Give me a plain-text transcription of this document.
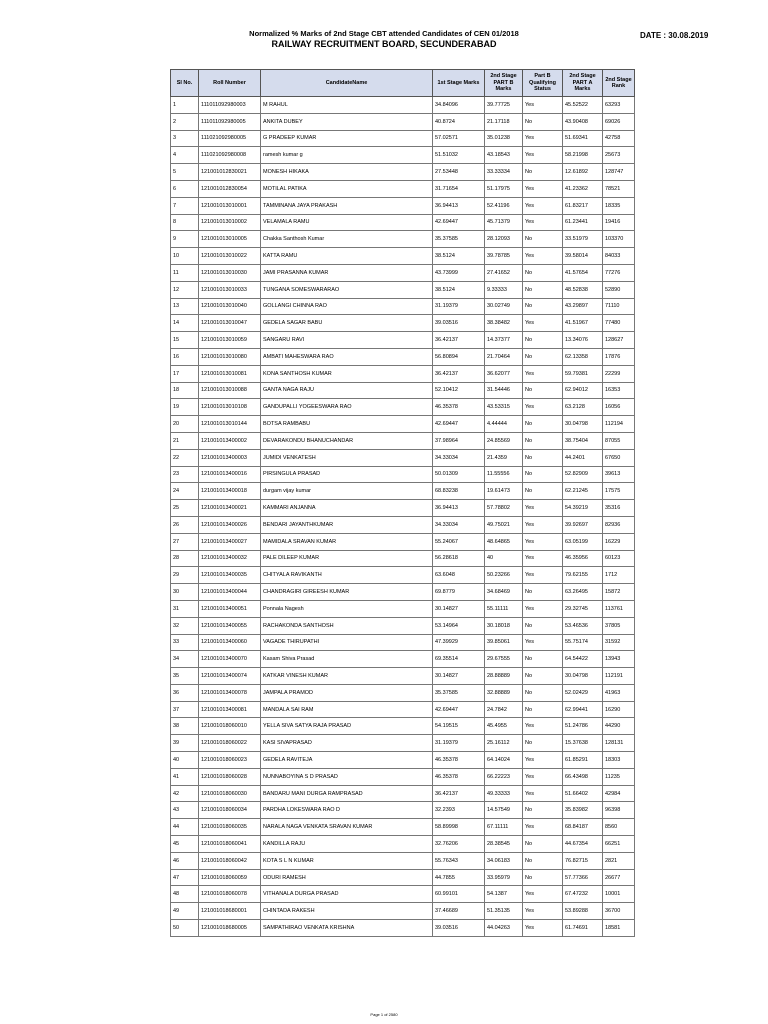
Normalized % Marks of 2nd Stage CBT attended Candidates of CEN 01/2018
RAILWAY RECRUITMENT BOARD, SECUNDERABAD
DATE : 30.08.2019
Sl No.	Roll Number	CandidateName	1st Stage Marks	2nd Stage PART B Marks	Part B Qualifying Status	2nd Stage PART A Marks	2nd Stage Rank
1	111011092980003	M RAHUL	34.84096	39.77725	Yes	45.52522	63293
2	111011092980005	ANKITA DUBEY	40.8724	21.17118	No	43.90408	69026
3	111021092980005	G PRADEEP KUMAR	57.02571	35.01238	Yes	51.69341	42758
4	111021092980008	ramesh kumar g	51.51032	43.18543	Yes	58.21998	25673
5	121001012830021	MONESH HIKAKA	27.53448	33.33334	No	12.61892	128747
6	121001012830054	MOTILAL PATIKA	31.71654	51.17975	Yes	41.23362	78521
7	121001013010001	TAMMINANA JAYA PRAKASH	36.94413	52.41196	Yes	61.83217	18335
8	121001013010002	VELAMALA RAMU	42.69447	45.71379	Yes	61.23441	19416
9	121001013010005	Chakka Santhosh Kumar	35.37585	28.12093	No	33.51979	103370
10	121001013010022	KATTA RAMU	38.5124	39.78785	Yes	39.58014	84033
11	121001013010030	JAMI PRASANNA KUMAR	43.73999	27.41652	No	41.57654	77276
12	121001013010033	TUNGANA SOMESWARARAO	38.5124	9.33333	No	48.52838	52890
13	121001013010040	GOLLANGI CHINNA RAO	31.19379	30.02749	No	43.29897	71110
14	121001013010047	GEDELA SAGAR BABU	39.03516	38.38482	Yes	41.51967	77480
15	121001013010059	SANGARU RAVI	36.42137	14.37377	No	13.34076	128627
16	121001013010080	AMBATI MAHESWARA RAO	56.80894	21.70464	No	62.13358	17876
17	121001013010081	KONA SANTHOSH KUMAR	36.42137	36.62077	Yes	59.79381	22299
18	121001013010088	GANTA NAGA RAJU	52.10412	31.54446	No	62.94012	16353
19	121001013010108	GANDUPALLI YOGEESWARA RAO	46.35378	43.53315	Yes	63.2128	16056
20	121001013010144	BOTSA RAMBABU	42.69447	4.44444	No	30.04798	112194
21	121001013400002	DEVARAKONDU BHANUCHANDAR	37.98964	24.85569	No	38.75404	87055
22	121001013400003	JUMIDI VENKATESH	34.33034	21.4359	No	44.2401	67650
23	121001013400016	PIRSINGULA PRASAD	50.01309	11.55556	No	52.82909	39613
24	121001013400018	durgam vijay kumar	68.83238	19.61473	No	62.21245	17575
25	121001013400021	KAMMARI ANJANNA	36.94413	57.78802	Yes	54.39219	35316
26	121001013400026	BENDARI JAYANTHKUMAR	34.33034	49.75021	Yes	39.92697	82936
27	121001013400027	MAMIDALA SRAVAN KUMAR	55.24067	48.64865	Yes	63.05199	16229
28	121001013400032	PALE DILEEP KUMAR	56.28618	40	Yes	46.35956	60123
29	121001013400035	CHITYALA RAVIKANTH	63.6048	50.23266	Yes	79.62155	1712
30	121001013400044	CHANDRAGIRI GIREESH KUMAR	69.8779	34.68469	No	63.26495	15872
31	121001013400051	Ponnala Nagesh	30.14827	55.11111	Yes	29.32745	113761
32	121001013400055	RACHAKONDA SANTHOSH	53.14964	30.18018	No	53.46536	37805
33	121001013400060	VAGADE THIRUPATHI	47.39929	39.85061	Yes	55.75174	31592
34	121001013400070	Kasam Shiva Prasad	69.35514	29.67555	No	64.54422	13943
35	121001013400074	KATKAR VINESH KUMAR	30.14827	28.88889	No	30.04798	112191
36	121001013400078	JAMPALA PRAMOD	35.37585	32.88889	No	52.02429	41963
37	121001013400081	MANDALA SAI RAM	42.69447	24.7842	No	62.99441	16290
38	121001018060010	YELLA SIVA SATYA RAJA PRASAD	54.19515	45.4955	Yes	51.24786	44290
39	121001018060022	KASI SIVAPRASAD	31.19379	25.16112	No	15.37638	128131
40	121001018060023	GEDELA RAVITEJA	46.35378	64.14024	Yes	61.85291	18303
41	121001018060028	NUNNABOYINA S D PRASAD	46.35378	66.22223	Yes	66.43498	11235
42	121001018060030	BANDARU MANI DURGA RAMPRASAD	36.42137	49.33333	Yes	51.66402	42984
43	121001018060034	PARDHA LOKESWARA RAO D	32.2393	14.57549	No	35.83982	96398
44	121001018060035	NARALA NAGA VENKATA SRAVAN KUMAR	58.89998	67.11111	Yes	68.84187	8560
45	121001018060041	KANDILLA RAJU	32.76206	28.38545	No	44.67354	66251
46	121001018060042	KOTA S L N KUMAR	55.76343	34.06183	No	76.82715	2821
47	121001018060059	ODURI RAMESH	44.7855	33.95979	No	57.77366	26677
48	121001018060078	VITHANALA DURGA PRASAD	60.99101	54.1387	Yes	67.47232	10001
49	121001018680001	CHINTADA RAKESH	37.46689	51.35135	Yes	53.89288	36700
50	121001018680005	SAMPATHIRAO VENKATA KRISHNA	39.03516	44.04263	Yes	61.74691	18581
Page 1 of 2580
